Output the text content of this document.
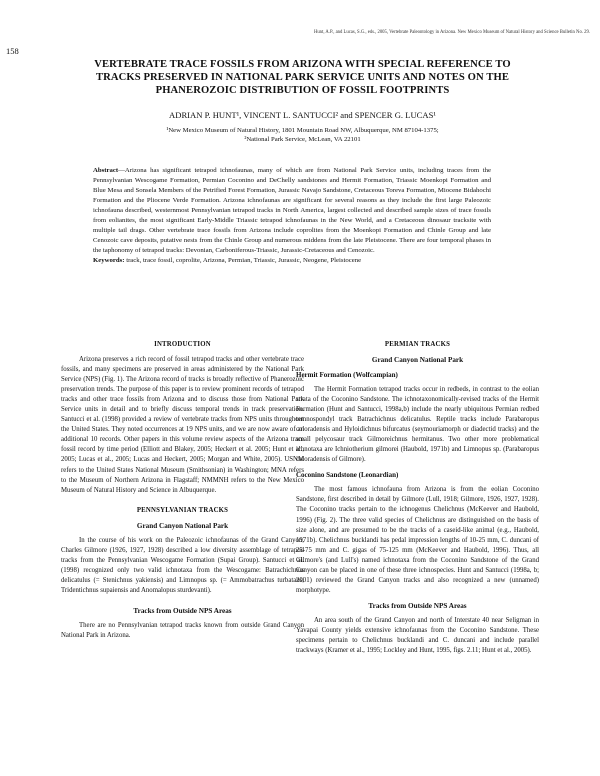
Hunt, A.P., and Lucas, S.G., eds., 2005, Vertebrate Paleontology in Arizona. New Mexico Museum of Natural History and Science Bulletin No. 29.
158
VERTEBRATE TRACE FOSSILS FROM ARIZONA WITH SPECIAL REFERENCE TO
TRACKS PRESERVED IN NATIONAL PARK SERVICE UNITS AND NOTES ON THE
PHANEROZOIC DISTRIBUTION OF FOSSIL FOOTPRINTS
ADRIAN P. HUNT¹, VINCENT L. SANTUCCI² and SPENCER G. LUCAS¹
¹New Mexico Museum of Natural History, 1801 Mountain Road NW, Albuquerque, NM 87104-1375;
²National Park Service, McLean, VA 22101

Abstract—Arizona has significant tetrapod ichnofaunas, many of which are from National Park Service units, including traces from the Pennsylvanian Wescogame Formation, Permian Coconino and DeChelly sandstones and Hermit Formation, Triassic Moenkopi Formation and Blue Mesa and Sonsela Members of the Petrified Forest Formation, Jurassic Navajo Sandstone, Cretaceous Toreva Formation, Miocene Bidahochi Formation and the Pliocene Verde Formation. Arizona ichnofaunas are significant for several reasons as they include the first large Paleozoic ichnofauna described, westernmost Pennsylvanian tetrapod tracks in North America, largest collected and described sample sizes of trace fossils from eolianites, the most significant Early-Middle Triassic tetrapod ichnofaunas in the New World, and a Cretaceous dinosaur tracksite with multiple tail drags. Other vertebrate trace fossils from Arizona include coprolites from the Moenkopi Formation and Chinle Group and late Cenozoic cave deposits, putative nests from the Chinle Group and numerous middens from the late Pleistocene. There are four temporal phases in the taphonomy of tetrapod tracks: Devonian, Carboniferous-Triassic, Jurassic-Cretaceous and Cenozoic.
Keywords: track, trace fossil, coprolite, Arizona, Permian, Triassic, Jurassic, Neogene, Pleistocene

INTRODUCTION

Arizona preserves a rich record of fossil tetrapod tracks and other vertebrate trace fossils, and many specimens are preserved in areas administered by the National Park Service (NPS) (Fig. 1). The Arizona record of tracks is broadly reflective of Phanerozoic preservation trends. The purpose of this paper is to review prominent records of tetrapod tracks and other trace fossils from Arizona and to discuss those from National Park Service units in detail and to briefly discuss temporal trends in track preservation. Santucci et al. (1998) provided a review of vertebrate tracks from NPS units throughout the United States. They noted occurrences at 19 NPS units, and we are now aware of an additional 10 records. Other papers in this volume review aspects of the Arizona trace fossil record by time period (Elliott and Blakey, 2005; Heckert et al. 2005; Hunt et al., 2005; Lucas et al., 2005; Lucas and Heckert, 2005; Morgan and White, 2005). USNM refers to the United States National Museum (Smithsonian) in Washington; MNA refers to the Museum of Northern Arizona in Flagstaff; NMMNH refers to the New Mexico Museum of Natural History and Science in Albuquerque.

PENNSYLVANIAN TRACKS
Grand Canyon National Park

In the course of his work on the Paleozoic ichnofaunas of the Grand Canyon, Charles Gilmore (1926, 1927, 1928) described a low diversity assemblage of tetrapod tracks from the Pennsylvanian Wescogame Formation (Supai Group). Santucci et al. (1998) recognized only two valid ichnotaxa from the Wescogame: Batrachichnus delicatulus (= Stenichnus yakiensis) and Limnopus sp. (= Ammobatrachus turbatans, Tridentichnus supaiensis and Anomalopus sturdevanti).

Tracks from Outside NPS Areas

There are no Pennsylvanian tetrapod tracks known from outside Grand Canyon National Park in Arizona.

PERMIAN TRACKS
Grand Canyon National Park
Hermit Formation (Wolfcampian)

The Hermit Formation tetrapod tracks occur in redbeds, in contrast to the eolian strata of the Coconino Sandstone. The ichnotaxonomically-revised tracks of the Hermit Formation (Hunt and Santucci, 1998a,b) include the nearly ubiquitous Permian redbed temnospondyl track Batrachichnus delicatulus. Reptile tracks include Parabaropus coloradensis and Hyloidichnus bifurcatus (seymouriamorph or diadectid tracks) and the small pelycosaur track Gilmoreichnus hermitanus. Two other more problematical ichnotaxa are Ichniotherium gilmorei (Haubold, 1971b) and Limnopus sp. (Parabaropus coloradensis of Gilmore).

Coconino Sandstone (Leonardian)

The most famous ichnofauna from Arizona is from the eolian Coconino Sandstone, first described in detail by Gilmore (Lull, 1918; Gilmore, 1926, 1927, 1928). The Coconino tracks pertain to the ichnogenus Chelichnus (McKeever and Haubold, 1996) (Fig. 2). The three valid species of Chelichnus are distinguished on the basis of size alone, and are presumed to be the tracks of a caseid-like animal (e.g., Haubold, 1971b). Chelichnus bucklandi has pedal impression lengths of 10-25 mm, C. duncani of 25-75 mm and C. gigas of 75-125 mm (McKeever and Haubold, 1996). Thus, all Gilmore's (and Lull's) named ichnotaxa from the Coconino Sandstone of the Grand Canyon can be placed in one of these three ichnospecies. Hunt and Santucci (1998a, b; 2001) reviewed the Grand Canyon tracks and also recognized a new (unnamed) morphotype.

Tracks from Outside NPS Areas

An area south of the Grand Canyon and north of Interstate 40 near Seligman in Yavapai County yields extensive ichnofaunas from the Coconino Sandstone. These specimens pertain to Chelichnus bucklandi and C. duncani and include parallel trackways (Kramer et al., 1995; Lockley and Hunt, 1995, figs. 2.11; Hunt et al., 2005).
